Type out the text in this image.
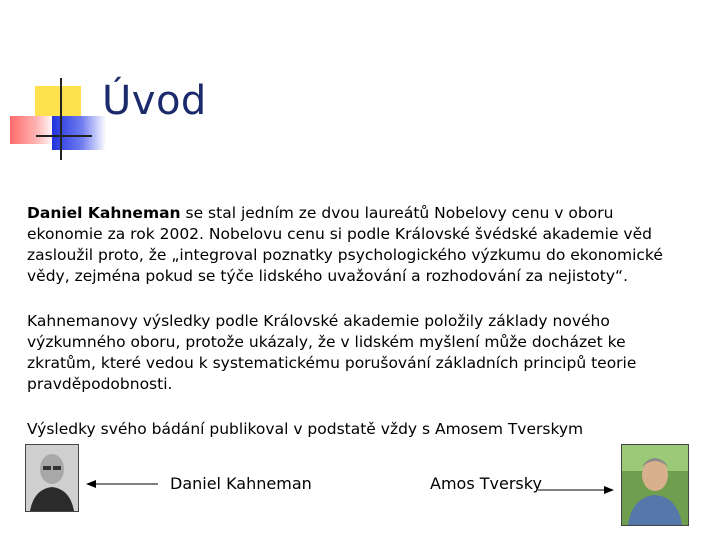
Úvod
Daniel Kahneman se stal jedním ze dvou laureátů Nobelovy cenu v oboru ekonomie za rok 2002. Nobelovu cenu si podle Královské švédské akademie věd zasloužil proto, že „integroval poznatky psychologického výzkumu do ekonomické vědy, zejména pokud se týče lidského uvažování a rozhodování za nejistoty“.
Kahnemanovy výsledky podle Královské akademie položily základy nového výzkumného oboru, protože ukázaly, že v lidském myšlení může docházet ke zkratům, které vedou k systematickému porušování základních principů teorie pravděpodobnosti.
Výsledky svého bádání publikoval v podstatě vždy s Amosem Tverskym
Daniel Kahneman	Amos Tversky
